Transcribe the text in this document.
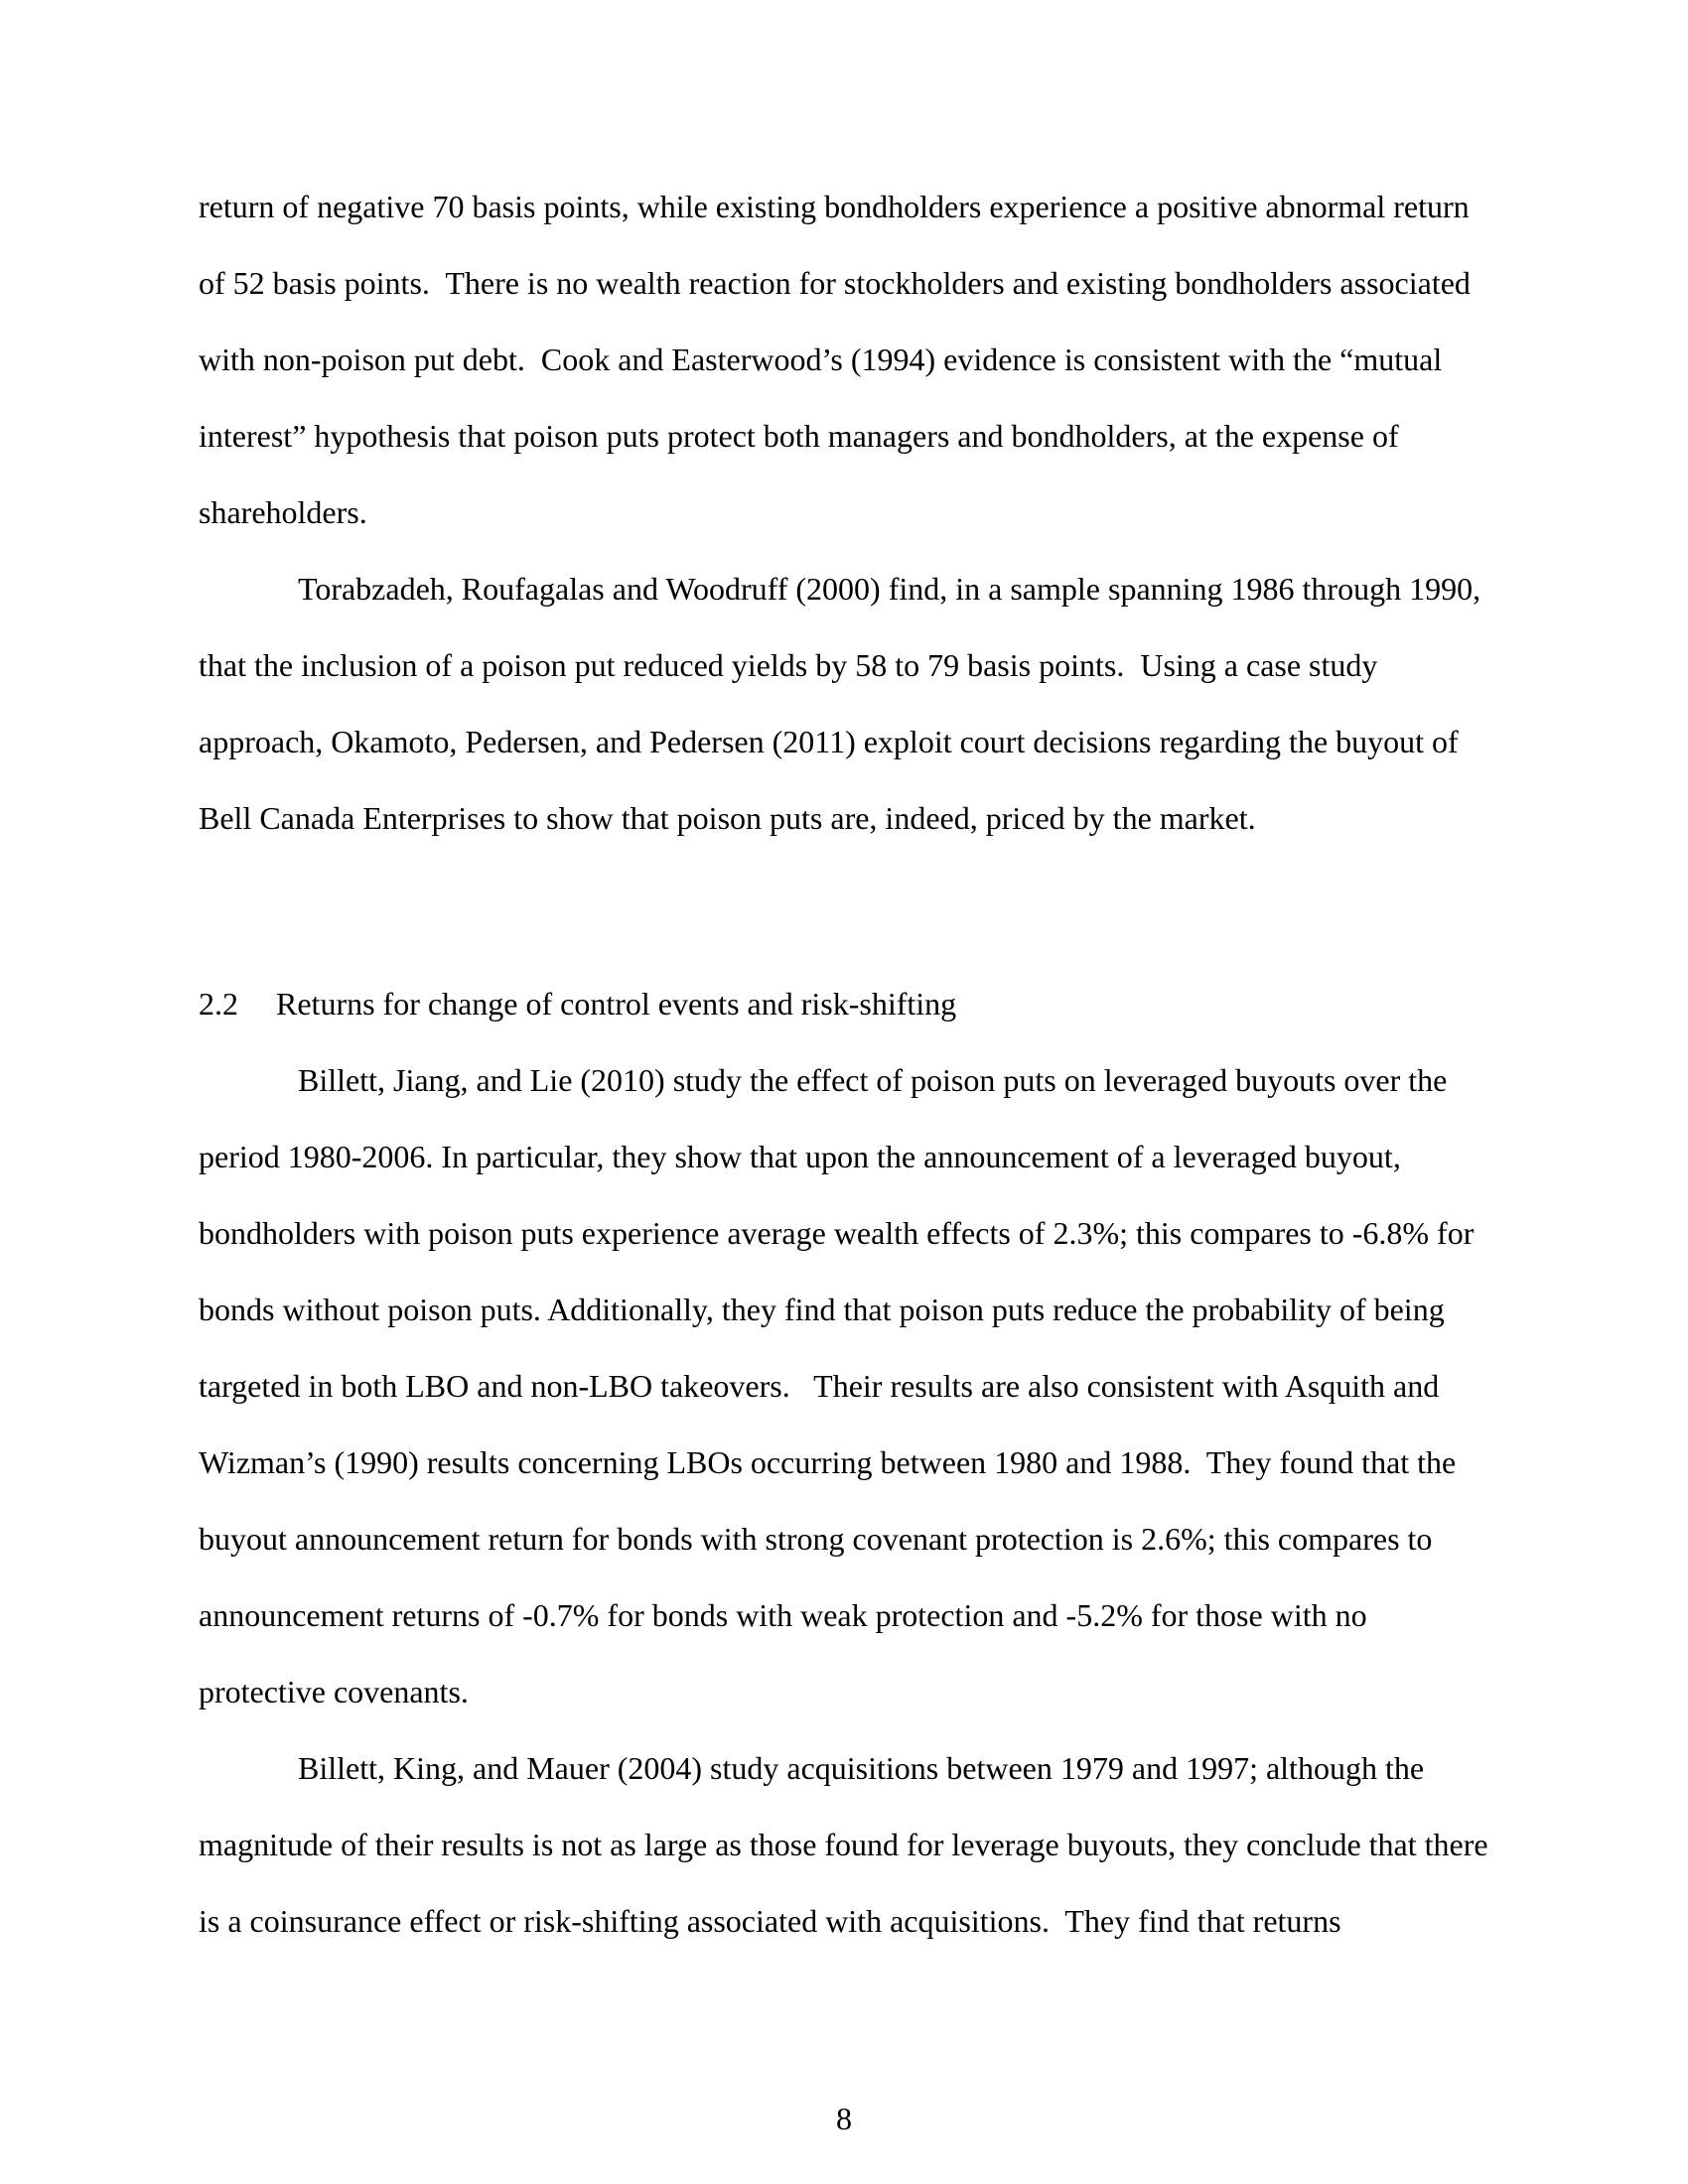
return of negative 70 basis points, while existing bondholders experience a positive abnormal return of 52 basis points.  There is no wealth reaction for stockholders and existing bondholders associated with non-poison put debt.  Cook and Easterwood’s (1994) evidence is consistent with the “mutual interest” hypothesis that poison puts protect both managers and bondholders, at the expense of shareholders.

Torabzadeh, Roufagalas and Woodruff (2000) find, in a sample spanning 1986 through 1990, that the inclusion of a poison put reduced yields by 58 to 79 basis points.  Using a case study approach, Okamoto, Pedersen, and Pedersen (2011) exploit court decisions regarding the buyout of Bell Canada Enterprises to show that poison puts are, indeed, priced by the market.

2.2 Returns for change of control events and risk-shifting

Billett, Jiang, and Lie (2010) study the effect of poison puts on leveraged buyouts over the period 1980-2006. In particular, they show that upon the announcement of a leveraged buyout, bondholders with poison puts experience average wealth effects of 2.3%; this compares to -6.8% for bonds without poison puts. Additionally, they find that poison puts reduce the probability of being targeted in both LBO and non-LBO takeovers.   Their results are also consistent with Asquith and Wizman’s (1990) results concerning LBOs occurring between 1980 and 1988.  They found that the buyout announcement return for bonds with strong covenant protection is 2.6%; this compares to announcement returns of -0.7% for bonds with weak protection and -5.2% for those with no protective covenants.

Billett, King, and Mauer (2004) study acquisitions between 1979 and 1997; although the magnitude of their results is not as large as those found for leverage buyouts, they conclude that there is a coinsurance effect or risk-shifting associated with acquisitions.  They find that returns

8
